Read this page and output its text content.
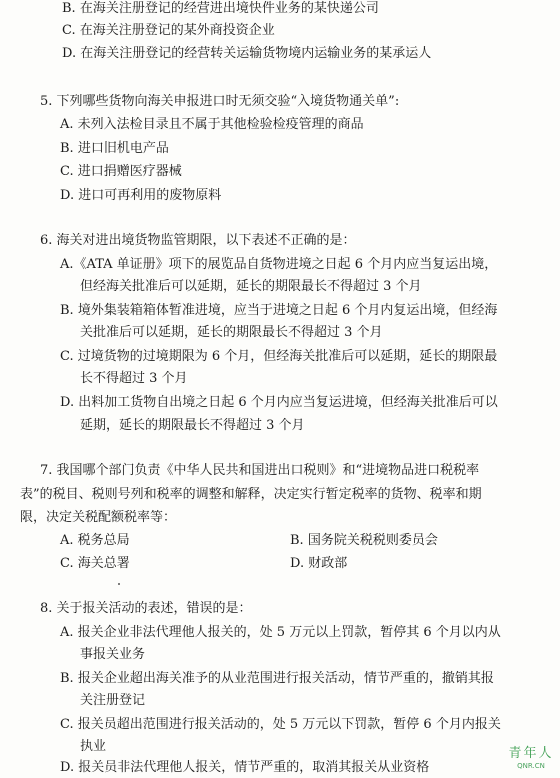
B. 在海关注册登记的经营进出境快件业务的某快递公司
C. 在海关注册登记的某外商投资企业
D. 在海关注册登记的经营转关运输货物境内运输业务的某承运人
5. 下列哪些货物向海关申报进口时无须交验“入境货物通关单”:
A. 未列入法检目录且不属于其他检验检疫管理的商品
B. 进口旧机电产品
C. 进口捐赠医疗器械
D. 进口可再利用的废物原料
6. 海关对进出境货物监管期限，以下表述不正确的是：
A.《ATA 单证册》项下的展览品自货物进境之日起 6 个月内应当复运出境，
但经海关批准后可以延期，延长的期限最长不得超过 3 个月
B. 境外集装箱箱体暂准进境，应当于进境之日起 6 个月内复运出境，但经海
关批准后可以延期，延长的期限最长不得超过 3 个月
C. 过境货物的过境期限为 6 个月，但经海关批准后可以延期，延长的期限最
长不得超过 3 个月
D. 出料加工货物自出境之日起 6 个月内应当复运进境，但经海关批准后可以
延期，延长的期限最长不得超过 3 个月
7. 我国哪个部门负责《中华人民共和国进出口税则》和“进境物品进口税税率
表”的税目、税则号列和税率的调整和解释，决定实行暂定税率的货物、税率和期
限，决定关税配额税率等：
A. 税务总局	B. 国务院关税税则委员会
C. 海关总署	D. 财政部
8. 关于报关活动的表述，错误的是：
A. 报关企业非法代理他人报关的，处 5 万元以上罚款，暂停其 6 个月以内从
事报关业务
B. 报关企业超出海关准予的从业范围进行报关活动，情节严重的，撤销其报
关注册登记
C. 报关员超出范围进行报关活动的，处 5 万元以下罚款，暂停 6 个月内报关
执业
D. 报关员非法代理他人报关，情节严重的，取消其报关从业资格
青年人
QNR.CN
